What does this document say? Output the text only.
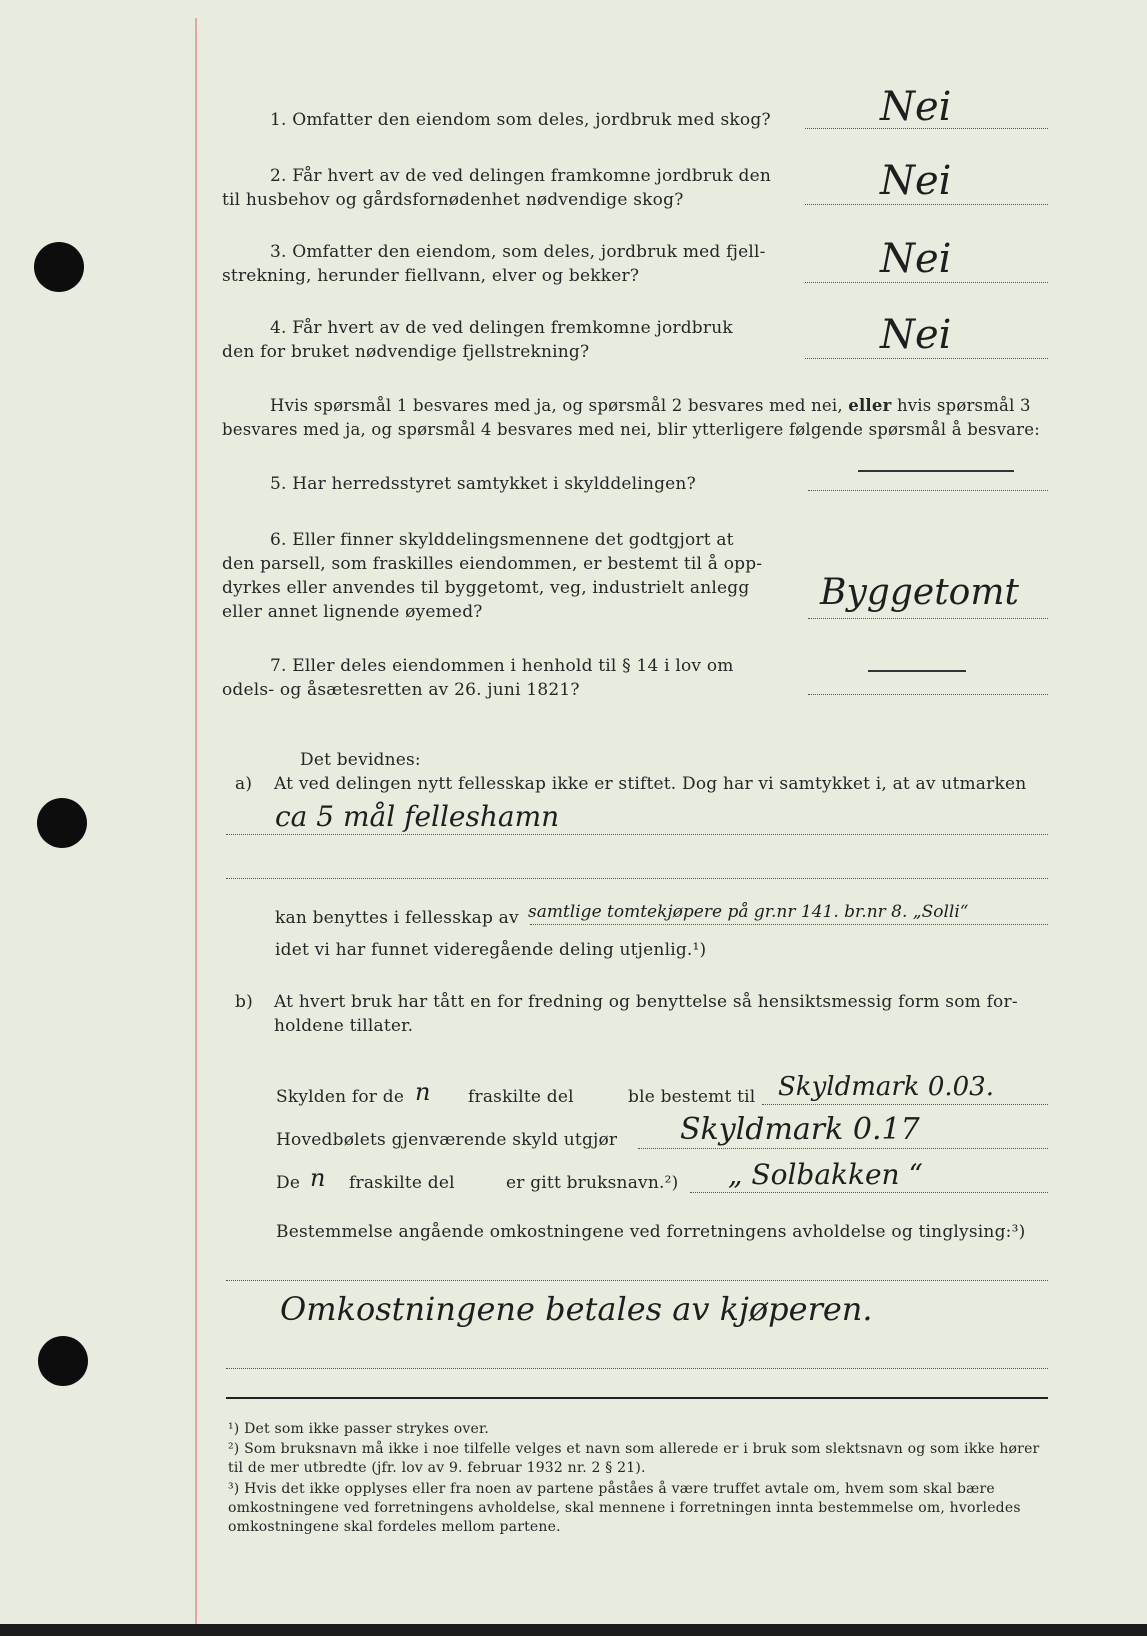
1. Omfatter den eiendom som deles, jordbruk med skog?	Nei
2. Får hvert av de ved delingen framkomne jordbruk den
til husbehov og gårdsfornødenhet nødvendige skog?	Nei
3. Omfatter den eiendom, som deles, jordbruk med fjell-
strekning, herunder fiellvann, elver og bekker?	Nei
4. Får hvert av de ved delingen fremkomne jordbruk
den for bruket nødvendige fjellstrekning?	Nei
Hvis spørsmål 1 besvares med ja, og spørsmål 2 besvares med nei, eller hvis spørsmål 3
besvares med ja, og spørsmål 4 besvares med nei, blir ytterligere følgende spørsmål å besvare:
5. Har herredsstyret samtykket i skylddelingen?
6. Eller finner skylddelingsmennene det godtgjort at
den parsell, som fraskilles eiendommen, er bestemt til å opp-
dyrkes eller anvendes til byggetomt, veg, industrielt anlegg
eller annet lignende øyemed?	Byggetomt
7. Eller deles eiendommen i henhold til § 14 i lov om
odels- og åsætesretten av 26. juni 1821?
Det bevidnes:
a) At ved delingen nytt fellesskap ikke er stiftet. Dog har vi samtykket i, at av utmarken
ca 5 mål felleshamn
kan benyttes i fellesskap av samtlige tomtekjøpere på gr.nr 141. br.nr 8. „Solli“
idet vi har funnet videregående deling utjenlig.¹)
b) At hvert bruk har tått en for fredning og benyttelse så hensiktsmessig form som for-
holdene tillater.
Skylden for de n fraskilte del	ble bestemt til Skyldmark 0.03.
Hovedbølets gjenværende skyld utgjør Skyldmark 0.17
De n fraskilte del	er gitt bruksnavn.²) „ Solbakken “
Bestemmelse angående omkostningene ved forretningens avholdelse og tinglysing:³)
Omkostningene betales av kjøperen.
¹) Det som ikke passer strykes over.
²) Som bruksnavn må ikke i noe tilfelle velges et navn som allerede er i bruk som slektsnavn og som ikke hører til de mer utbredte (jfr. lov av 9. februar 1932 nr. 2 § 21).
³) Hvis det ikke opplyses eller fra noen av partene påståes å være truffet avtale om, hvem som skal bære omkostningene ved forretningens avholdelse, skal mennene i forretningen innta bestemmelse om, hvorledes omkostningene skal fordeles mellom partene.
